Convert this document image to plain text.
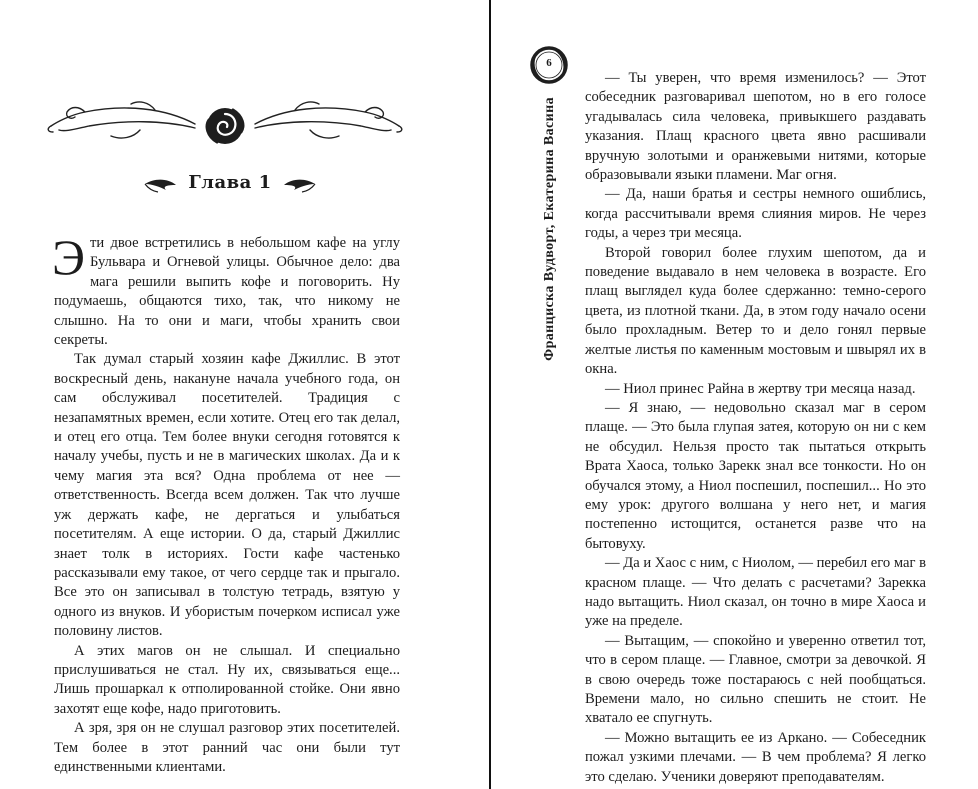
Глава 1

Эти двое встретились в небольшом кафе на углу Бульвара и Огневой улицы. Обычное дело: два мага решили выпить кофе и поговорить. Ну подумаешь, общаются тихо, так, что никому не слышно. На то они и маги, чтобы хранить свои секреты.

Так думал старый хозяин кафе Джиллис. В этот воскресный день, накануне начала учебного года, он сам обслуживал посетителей. Традиция с незапамятных времен, если хотите. Отец его так делал, и отец его отца. Тем более внуки сегодня готовятся к началу учебы, пусть и не в магических школах. Да и к чему магия эта вся? Одна проблема от нее — ответственность. Всегда всем должен. Так что лучше уж держать кафе, не дергаться и улыбаться посетителям. А еще истории. О да, старый Джиллис знает толк в историях. Гости кафе частенько рассказывали ему такое, от чего сердце так и прыгало. Все это он записывал в толстую тетрадь, взятую у одного из внуков. И убористым почерком исписал уже половину листов.

А этих магов он не слышал. И специально прислушиваться не стал. Ну их, связываться еще... Лишь прошаркал к отполированной стойке. Они явно захотят еще кофе, надо приготовить.

А зря, зря он не слушал разговор этих посетителей. Тем более в этот ранний час они были тут единственными клиентами.

6
Франциска Вудворт, Екатерина Васина

— Ты уверен, что время изменилось? — Этот собеседник разговаривал шепотом, но в его голосе угадывалась сила человека, привыкшего раздавать указания. Плащ красного цвета явно расшивали вручную золотыми и оранжевыми нитями, которые образовывали языки пламени. Маг огня.

— Да, наши братья и сестры немного ошиблись, когда рассчитывали время слияния миров. Не через годы, а через три месяца.

Второй говорил более глухим шепотом, да и поведение выдавало в нем человека в возрасте. Его плащ выглядел куда более сдержанно: темно-серого цвета, из плотной ткани. Да, в этом году начало осени было прохладным. Ветер то и дело гонял первые желтые листья по каменным мостовым и швырял их в окна.

— Ниол принес Райна в жертву три месяца назад.

— Я знаю, — недовольно сказал маг в сером плаще. — Это была глупая затея, которую он ни с кем не обсудил. Нельзя просто так пытаться открыть Врата Хаоса, только Зарекк знал все тонкости. Но он обучался этому, а Ниол поспешил, поспешил... Но это ему урок: другого волшана у него нет, и магия постепенно истощится, останется разве что на бытовуху.

— Да и Хаос с ним, с Ниолом, — перебил его маг в красном плаще. — Что делать с расчетами? Зарекка надо вытащить. Ниол сказал, он точно в мире Хаоса и уже на пределе.

— Вытащим, — спокойно и уверенно ответил тот, что в сером плаще. — Главное, смотри за девочкой. Я в свою очередь тоже постараюсь с ней пообщаться. Времени мало, но сильно спешить не стоит. Не хватало ее спугнуть.

— Можно вытащить ее из Аркано. — Собеседник пожал узкими плечами. — В чем проблема? Я легко это сделаю. Ученики доверяют преподавателям.
